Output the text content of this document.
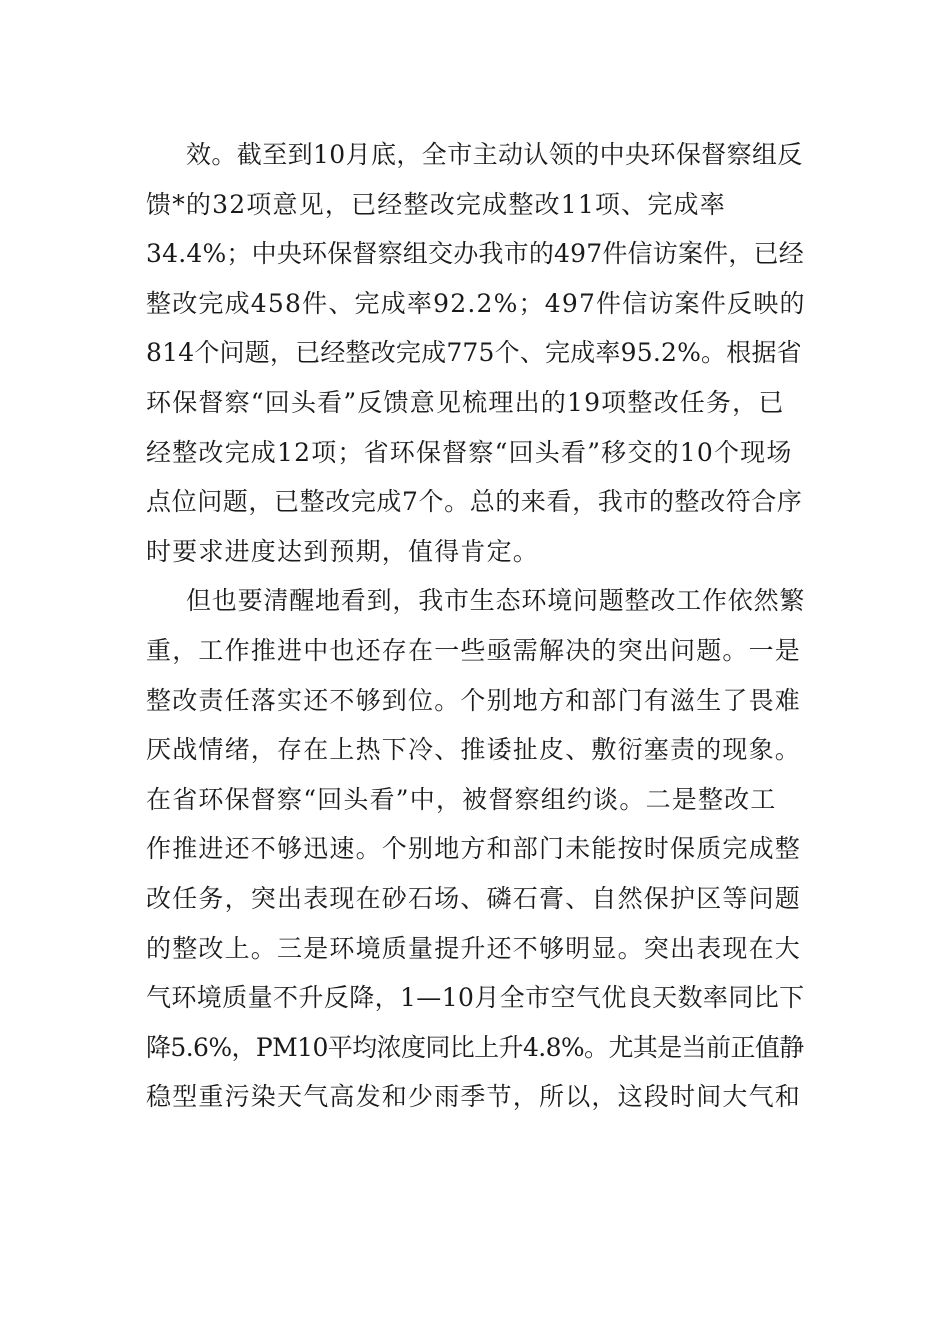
效。截至到10月底，全市主动认领的中央环保督察组反
馈*的32项意见，已经整改完成整改11项、完成率
34.4%；中央环保督察组交办我市的497件信访案件，已经
整改完成458件、完成率92.2%；497件信访案件反映的
814个问题，已经整改完成775个、完成率95.2%。根据省
环保督察“回头看”反馈意见梳理出的19项整改任务，已
经整改完成12项；省环保督察“回头看”移交的10个现场
点位问题，已整改完成7个。总的来看，我市的整改符合序
时要求进度达到预期，值得肯定。
但也要清醒地看到，我市生态环境问题整改工作依然繁
重，工作推进中也还存在一些亟需解决的突出问题。一是
整改责任落实还不够到位。个别地方和部门有滋生了畏难
厌战情绪，存在上热下冷、推诿扯皮、敷衍塞责的现象。
在省环保督察“回头看”中，被督察组约谈。二是整改工
作推进还不够迅速。个别地方和部门未能按时保质完成整
改任务，突出表现在砂石场、磷石膏、自然保护区等问题
的整改上。三是环境质量提升还不够明显。突出表现在大
气环境质量不升反降，1—10月全市空气优良天数率同比下
降5.6%，PM10平均浓度同比上升4.8%。尤其是当前正值静
稳型重污染天气高发和少雨季节，所以，这段时间大气和
